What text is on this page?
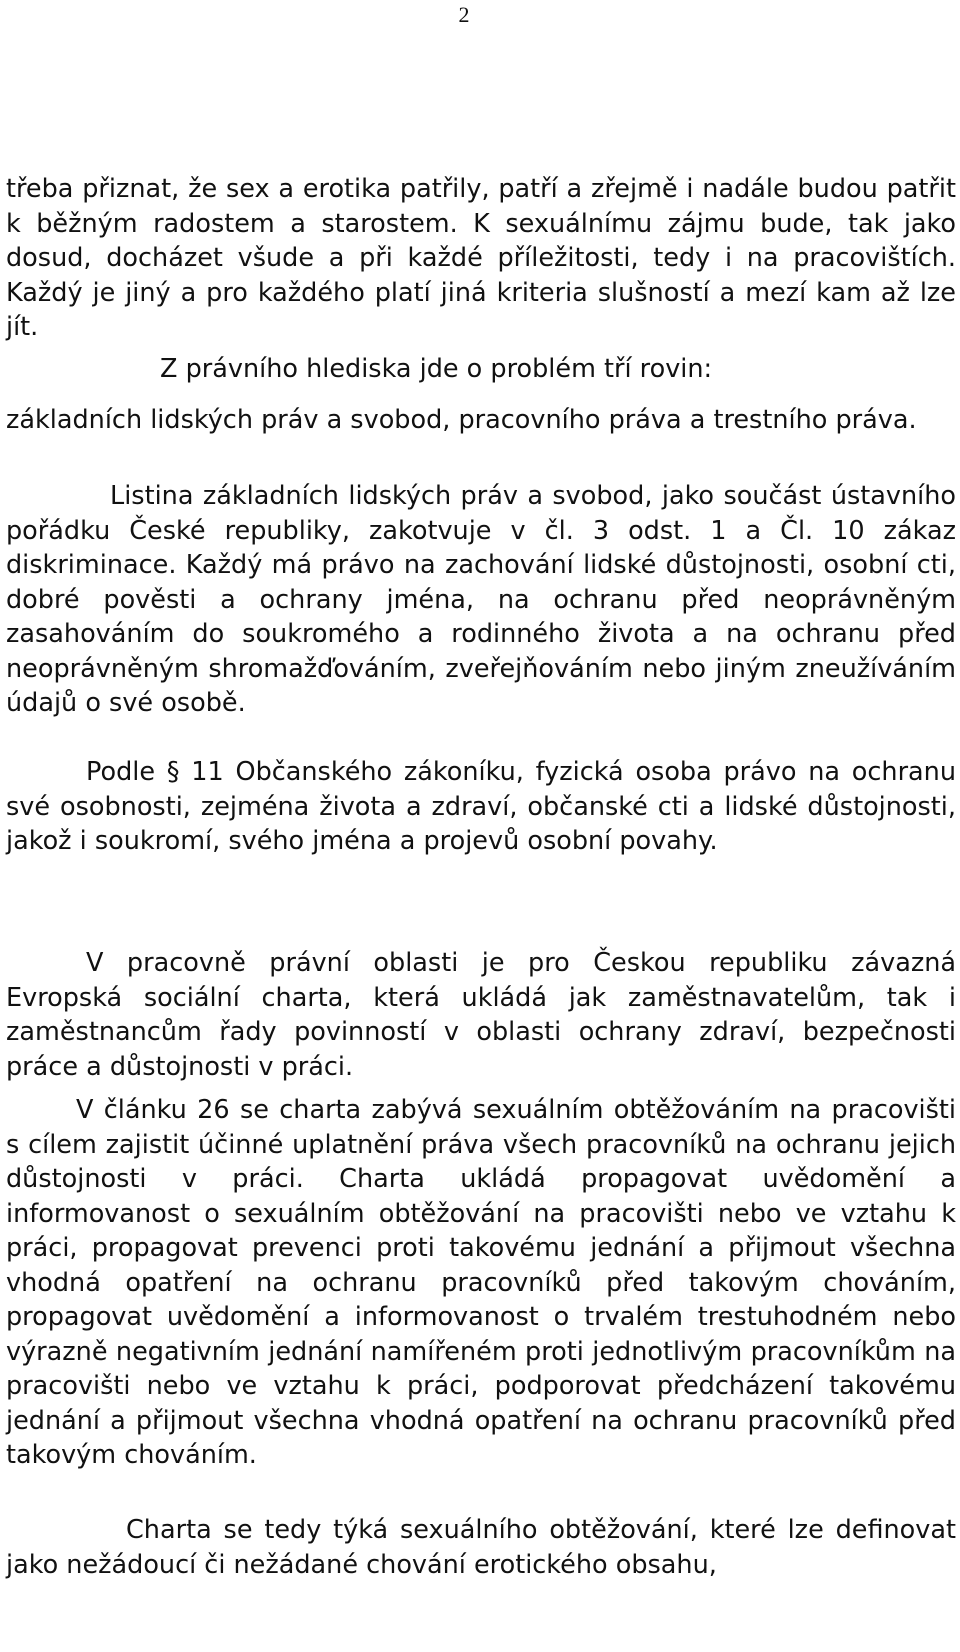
2

třeba přiznat, že sex a erotika patřily, patří a zřejmě i nadále budou patřit k běžným radostem a starostem. K sexuálnímu zájmu bude, tak jako dosud, docházet všude a při každé příležitosti, tedy i na pracovištích. Každý je jiný a pro každého platí jiná kriteria slušností a mezí kam až lze jít.

Z právního hlediska jde o problém tří rovin:

základních lidských práv a svobod, pracovního práva a trestního práva.

Listina základních lidských práv a svobod, jako součást ústavního pořádku České republiky, zakotvuje v čl. 3 odst. 1 a Čl. 10 zákaz diskriminace. Každý má právo na zachování lidské důstojnosti, osobní cti, dobré pověsti a ochrany jména, na ochranu před neoprávněným zasahováním do soukromého a rodinného života a na ochranu před neoprávněným shromažďováním, zveřejňováním nebo jiným zneužíváním údajů o své osobě.

Podle § 11 Občanského zákoníku, fyzická osoba právo na ochranu své osobnosti, zejména života a zdraví, občanské cti a lidské důstojnosti, jakož i soukromí, svého jména a projevů osobní povahy.

V pracovně právní oblasti je pro Českou republiku závazná Evropská sociální charta, která ukládá jak zaměstnavatelům, tak i zaměstnancům řady povinností v oblasti ochrany zdraví, bezpečnosti práce a důstojnosti v práci.

V článku 26 se charta zabývá sexuálním obtěžováním na pracovišti s cílem zajistit účinné uplatnění práva všech pracovníků na ochranu jejich důstojnosti v práci. Charta ukládá propagovat uvědomění a informovanost o sexuálním obtěžování na pracovišti nebo ve vztahu k práci, propagovat prevenci proti takovému jednání a přijmout všechna vhodná opatření na ochranu pracovníků před takovým chováním, propagovat uvědomění a informovanost o trvalém trestuhodném nebo výrazně negativním jednání namířeném proti jednotlivým pracovníkům na pracovišti nebo ve vztahu k práci, podporovat předcházení takovému jednání a přijmout všechna vhodná opatření na ochranu pracovníků před takovým chováním.

Charta se tedy týká sexuálního obtěžování, které lze definovat jako nežádoucí či nežádané chování erotického obsahu,
